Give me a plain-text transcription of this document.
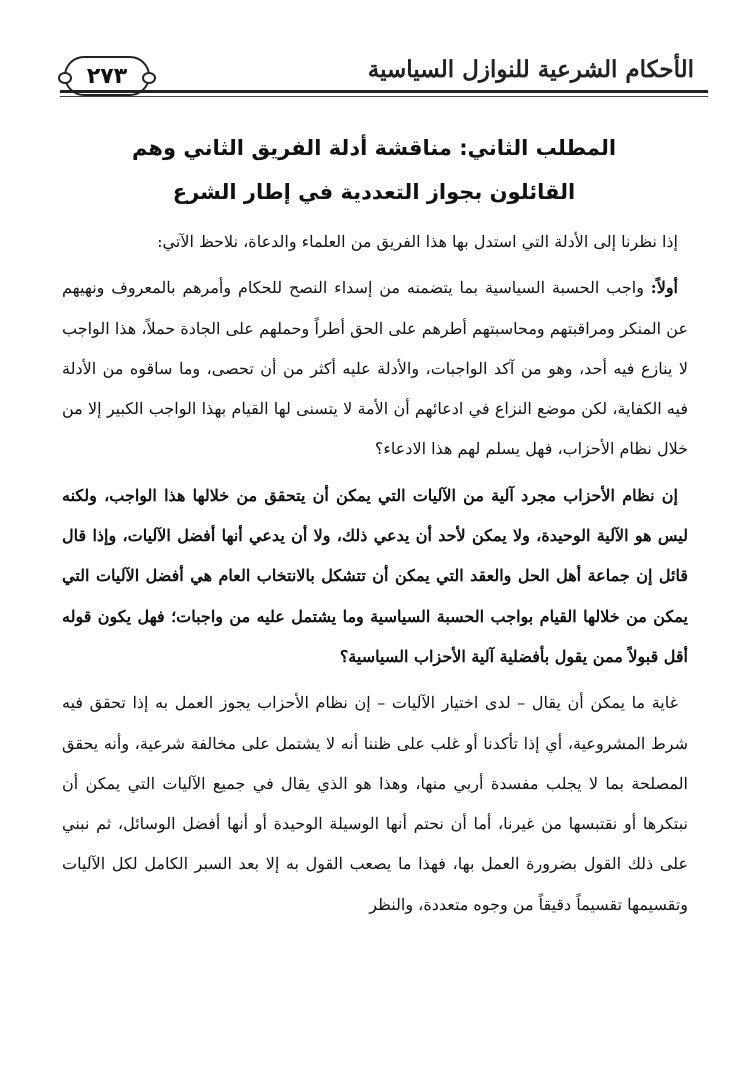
الأحكام الشرعية للنوازل السياسية
٢٧٣
المطلب الثاني: مناقشة أدلة الفريق الثاني وهم
القائلون بجواز التعددية في إطار الشرع

إذا نظرنا إلى الأدلة التي استدل بها هذا الفريق من العلماء والدعاة، نلاحظ الآتي:

أولاً: واجب الحسبة السياسية بما يتضمنه من إسداء النصح للحكام وأمرهم بالمعروف ونهيهم عن المنكر ومراقبتهم ومحاسبتهم أطرهم على الحق أطراً وحملهم على الجادة حملاً، هذا الواجب لا ينازع فيه أحد، وهو من آكد الواجبات، والأدلة عليه أكثر من أن تحصى، وما ساقوه من الأدلة فيه الكفاية، لكن موضع النزاع في ادعائهم أن الأمة لا يتسنى لها القيام بهذا الواجب الكبير إلا من خلال نظام الأحزاب، فهل يسلم لهم هذا الادعاء؟

إن نظام الأحزاب مجرد آلية من الآليات التي يمكن أن يتحقق من خلالها هذا الواجب، ولكنه ليس هو الآلية الوحيدة، ولا يمكن لأحد أن يدعي ذلك، ولا أن يدعي أنها أفضل الآليات، وإذا قال قائل إن جماعة أهل الحل والعقد التي يمكن أن تتشكل بالانتخاب العام هي أفضل الآليات التي يمكن من خلالها القيام بواجب الحسبة السياسية وما يشتمل عليه من واجبات؛ فهل يكون قوله أقل قبولاً ممن يقول بأفضلية آلية الأحزاب السياسية؟

غاية ما يمكن أن يقال – لدى اختيار الآليات – إن نظام الأحزاب يجوز العمل به إذا تحقق فيه شرط المشروعية، أي إذا تأكدنا أو غلب على ظننا أنه لا يشتمل على مخالفة شرعية، وأنه يحقق المصلحة بما لا يجلب مفسدة أربي منها، وهذا هو الذي يقال في جميع الآليات التي يمكن أن نبتكرها أو نقتبسها من غيرنا، أما أن نحتم أنها الوسيلة الوحيدة أو أنها أفضل الوسائل، ثم نبني على ذلك القول بضرورة العمل بها، فهذا ما يصعب القول به إلا بعد السبر الكامل لكل الآليات وتقسيمها تقسيماً دقيقاً من وجوه متعددة، والنظر
